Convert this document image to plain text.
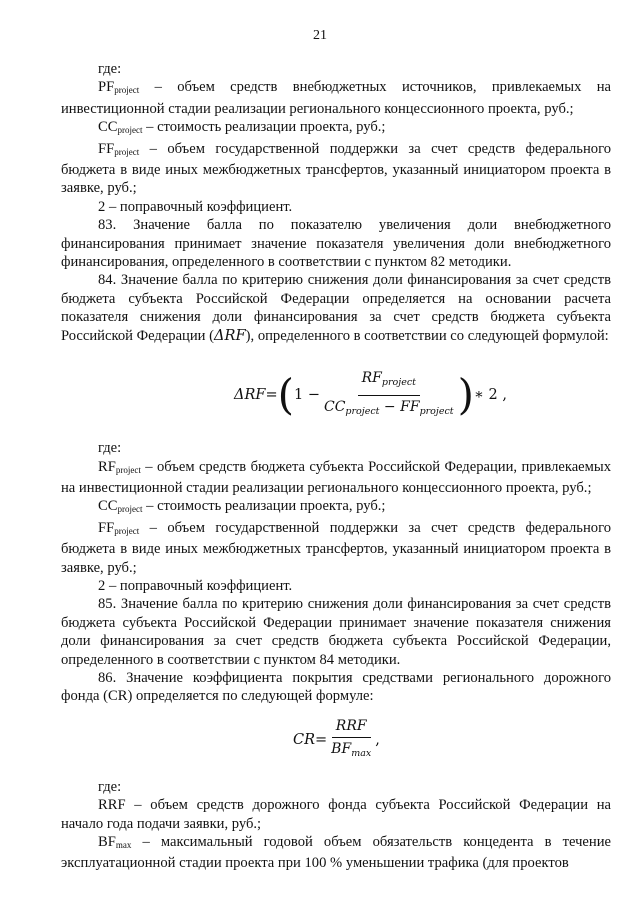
21

где:

$PF_{project}$ – объем средств внебюджетных источников, привлекаемых на инвестиционной стадии реализации регионального концессионного проекта, руб.;

$CC_{project}$ – стоимость реализации проекта, руб.;

$FF_{project}$ – объем государственной поддержки за счет средств федерального бюджета в виде иных межбюджетных трансфертов, указанный инициатором проекта в заявке, руб.;

2 – поправочный коэффициент.

83. Значение балла по показателю увеличения доли внебюджетного финансирования принимает значение показателя увеличения доли внебюджетного финансирования, определенного в соответствии с пунктом 82 методики.

84. Значение балла по критерию снижения доли финансирования за счет средств бюджета субъекта Российской Федерации определяется на основании расчета показателя снижения доли финансирования за счет средств бюджета субъекта Российской Федерации (ΔRF), определенного в соответствии со следующей формулой:

ΔRF = ( $1 - \frac{RF_{project}}{CC_{project} - FF_{project}}$ ) ∗ 2 ,

где:

$RF_{project}$ – объем средств бюджета субъекта Российской Федерации, привлекаемых на инвестиционной стадии реализации регионального концессионного проекта, руб.;

$CC_{project}$ – стоимость реализации проекта, руб.;

$FF_{project}$ – объем государственной поддержки за счет средств федерального бюджета в виде иных межбюджетных трансфертов, указанный инициатором проекта в заявке, руб.;

2 – поправочный коэффициент.

85. Значение балла по критерию снижения доли финансирования за счет средств бюджета субъекта Российской Федерации принимает значение показателя снижения доли финансирования за счет средств бюджета субъекта Российской Федерации, определенного в соответствии с пунктом 84 методики.

86. Значение коэффициента покрытия средствами регионального дорожного фонда (CR) определяется по следующей формуле:

CR = $\frac{\text{RRF}}{BF_{max}}$ ,

где:

RRF – объем средств дорожного фонда субъекта Российской Федерации на начало года подачи заявки, руб.;

$BF_{max}$ – максимальный годовой объем обязательств концедента в течение эксплуатационной стадии проекта при 100 % уменьшении трафика (для проектов
